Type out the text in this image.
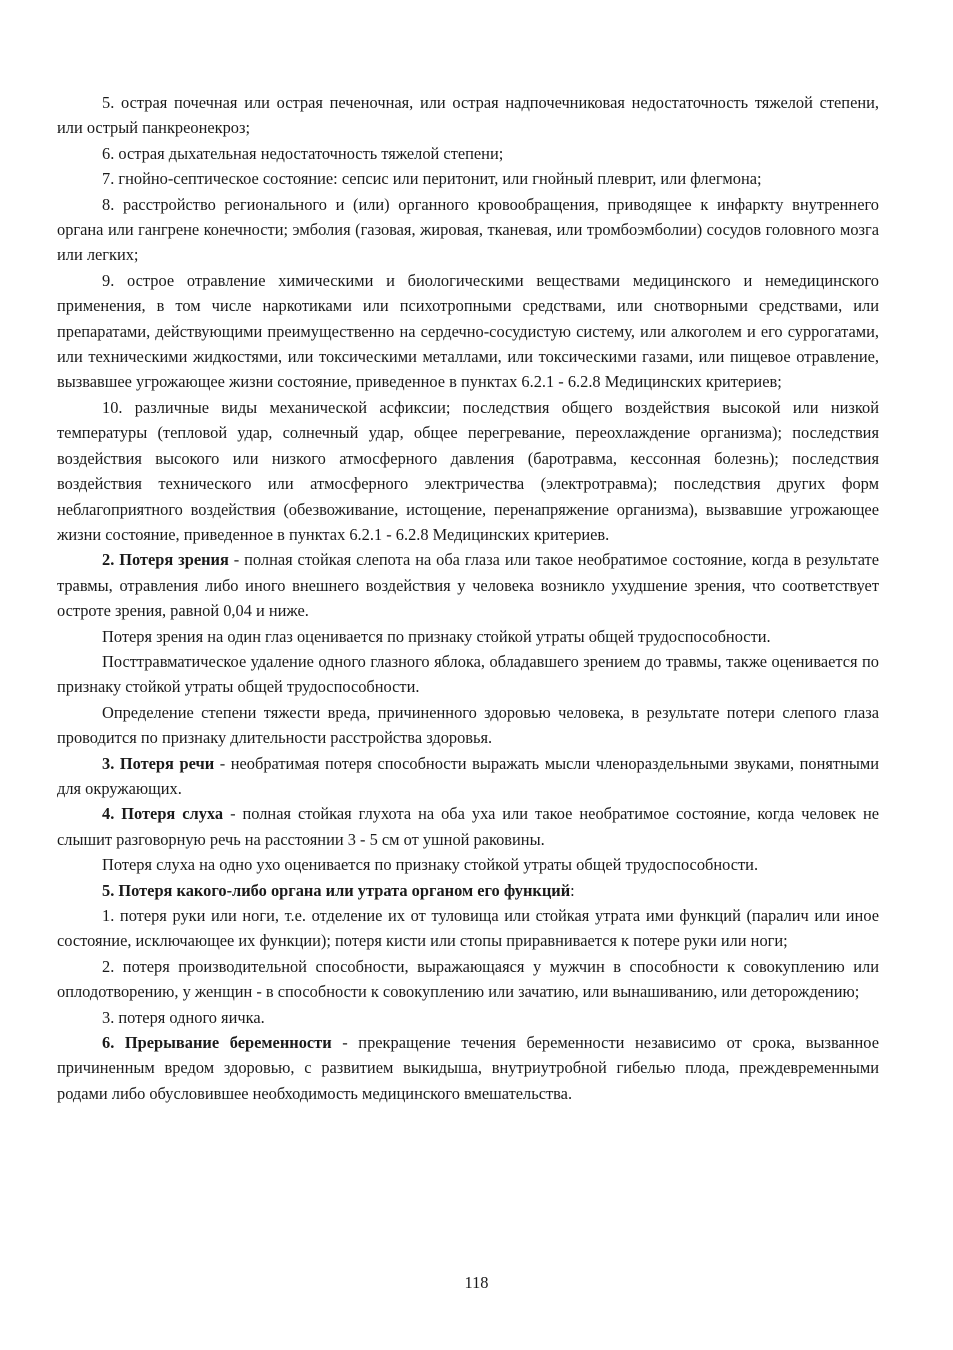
5. острая почечная или острая печеночная, или острая надпочечниковая недостаточность тяжелой степени, или острый панкреонекроз;

6. острая дыхательная недостаточность тяжелой степени;

7. гнойно-септическое состояние: сепсис или перитонит, или гнойный плеврит, или флегмона;

8. расстройство регионального и (или) органного кровообращения, приводящее к инфаркту внутреннего органа или гангрене конечности; эмболия (газовая, жировая, тканевая, или тромбоэмболии) сосудов головного мозга или легких;

9. острое отравление химическими и биологическими веществами медицинского и немедицинского применения, в том числе наркотиками или психотропными средствами, или снотворными средствами, или препаратами, действующими преимущественно на сердечно-сосудистую систему, или алкоголем и его суррогатами, или техническими жидкостями, или токсическими металлами, или токсическими газами, или пищевое отравление, вызвавшее угрожающее жизни состояние, приведенное в пунктах 6.2.1 - 6.2.8 Медицинских критериев;

10. различные виды механической асфиксии; последствия общего воздействия высокой или низкой температуры (тепловой удар, солнечный удар, общее перегревание, переохлаждение организма); последствия воздействия высокого или низкого атмосферного давления (баротравма, кессонная болезнь); последствия воздействия технического или атмосферного электричества (электротравма); последствия других форм неблагоприятного воздействия (обезвоживание, истощение, перенапряжение организма), вызвавшие угрожающее жизни состояние, приведенное в пунктах 6.2.1 - 6.2.8 Медицинских критериев.

2. Потеря зрения - полная стойкая слепота на оба глаза или такое необратимое состояние, когда в результате травмы, отравления либо иного внешнего воздействия у человека возникло ухудшение зрения, что соответствует остроте зрения, равной 0,04 и ниже.

Потеря зрения на один глаз оценивается по признаку стойкой утраты общей трудоспособности.

Посттравматическое удаление одного глазного яблока, обладавшего зрением до травмы, также оценивается по признаку стойкой утраты общей трудоспособности.

Определение степени тяжести вреда, причиненного здоровью человека, в результате потери слепого глаза проводится по признаку длительности расстройства здоровья.

3. Потеря речи - необратимая потеря способности выражать мысли членораздельными звуками, понятными для окружающих.

4. Потеря слуха - полная стойкая глухота на оба уха или такое необратимое состояние, когда человек не слышит разговорную речь на расстоянии 3 - 5 см от ушной раковины.

Потеря слуха на одно ухо оценивается по признаку стойкой утраты общей трудоспособности.

5. Потеря какого-либо органа или утрата органом его функций:

1. потеря руки или ноги, т.е. отделение их от туловища или стойкая утрата ими функций (паралич или иное состояние, исключающее их функции); потеря кисти или стопы приравнивается к потере руки или ноги;

2. потеря производительной способности, выражающаяся у мужчин в способности к совокуплению или оплодотворению, у женщин - в способности к совокуплению или зачатию, или вынашиванию, или деторождению;

3. потеря одного яичка.

6. Прерывание беременности - прекращение течения беременности независимо от срока, вызванное причиненным вредом здоровью, с развитием выкидыша, внутриутробной гибелью плода, преждевременными родами либо обусловившее необходимость медицинского вмешательства.

118
